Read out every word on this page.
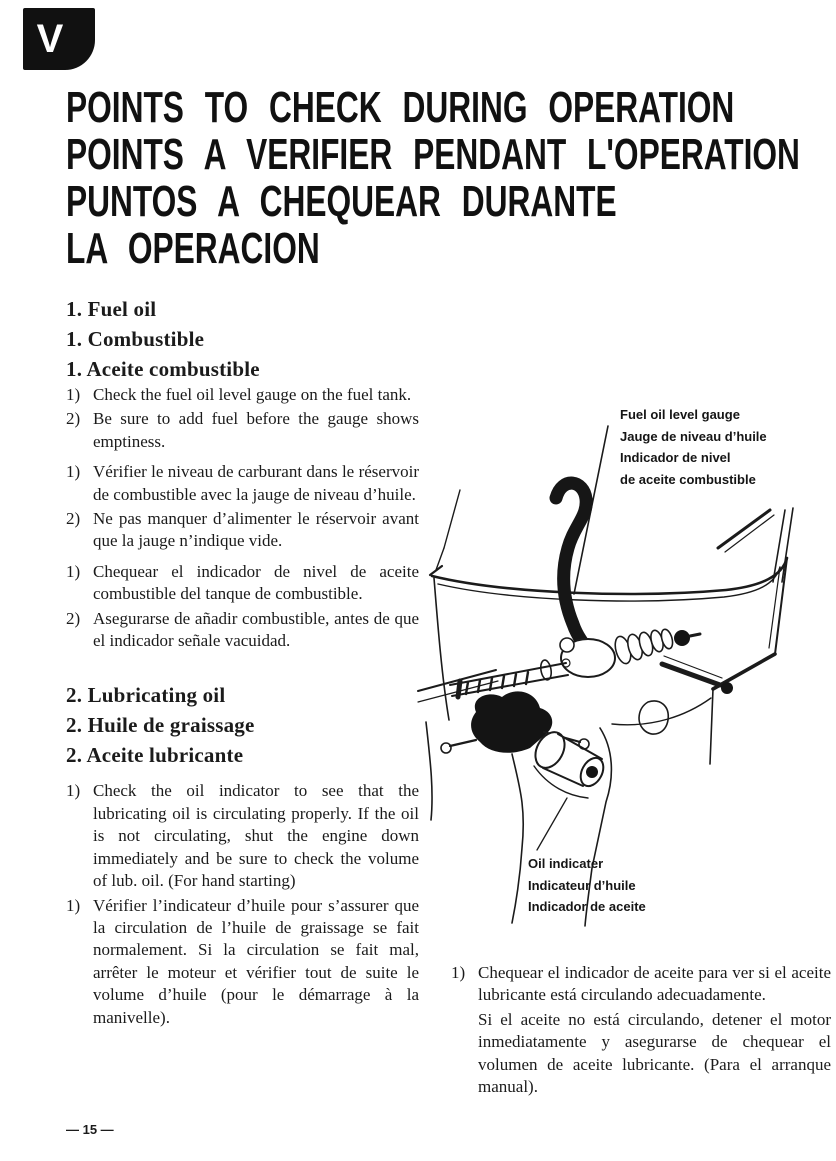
V
POINTS TO CHECK DURING OPERATION
POINTS A VERIFIER PENDANT L'OPERATION
PUNTOS A CHEQUEAR DURANTE
LA OPERACION
1. Fuel oil
1. Combustible
1. Aceite combustible
1) Check the fuel oil level gauge on the fuel tank.
2) Be sure to add fuel before the gauge shows emptiness.
1) Vérifier le niveau de carburant dans le réservoir de combustible avec la jauge de niveau d’huile.
2) Ne pas manquer d’alimenter le réservoir avant que la jauge n’indique vide.
1) Chequear el indicador de nivel de aceite combustible del tanque de combustible.
2) Asegurarse de añadir combustible, antes de que el indicador señale vacuidad.
2. Lubricating oil
2. Huile de graissage
2. Aceite lubricante
1) Check the oil indicator to see that the lubricating oil is circulating properly. If the oil is not circulating, shut the engine down immediately and be sure to check the volume of lub. oil. (For hand starting)
1) Vérifier l’indicateur d’huile pour s’assurer que la circulation de l’huile de graissage se fait normalement. Si la circulation se fait mal, arrêter le moteur et vérifier tout de suite le volume d’huile (pour le démarrage à la manivelle).
1) Chequear el indicador de aceite para ver si el aceite lubricante está circulando adecuadamente.
Si el aceite no está circulando, detener el motor inmediatamente y asegurarse de chequear el volumen de aceite lubricante. (Para el arranque manual).
Fuel oil level gauge
Jauge de niveau d’huile
Indicador de nivel
de aceite combustible
Oil indicater
Indicateur d’huile
Indicador de aceite
— 15 —
